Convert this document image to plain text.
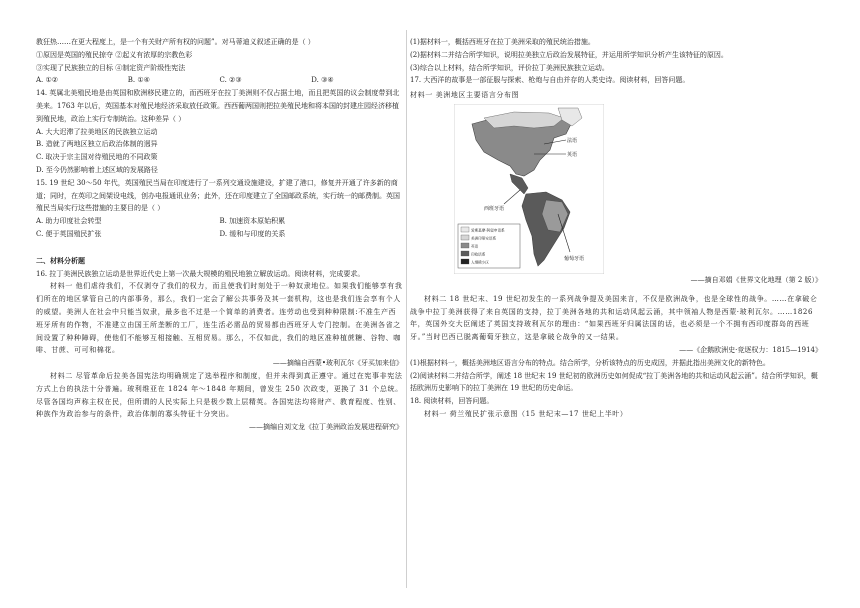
教狂热……在更大程度上，是一个有关财产所有权的问题”。对马蒂迪义叙述正确的是（ ）

①原因是英国的殖民掠夺 ②起义有浓厚的宗教色彩

③实现了民族独立的目标 ④制定资产阶级性宪法

A. ①②	B. ①④	C. ②③	D. ③④

14. 英属北美殖民地是由英国和欧洲移民建立的，而西班牙在拉丁美洲则不仅占据土地，而且把英国的议会制度带到北美来。1763 年以后，英国基本对殖民地经济采取放任政策。西西葡两国则把拉美殖民地和将本国的封建庄园经济移植到殖民地，政治上实行专制统治。这种差异（ ）

A. 大大迟滞了拉美地区的民族独立运动

B. 造就了两地区独立后政治体制的迥异

C. 取决于宗主国对待殖民地的不同政策

D. 至今仍然影响着上述区域的发展路径

15. 19 世纪 30～50 年代，英国殖民当局在印度进行了一系列交通设施建设，扩建了港口，修复并开通了许多新的商道；同时，在英印之间架设电线，创办电报通讯业务；此外，还在印度建立了全国邮政系统，实行统一的邮费制。英国殖民当局实行这些措施的主要目的是（ ）

A. 助力印度社会转型	B. 加速资本原始积累
C. 便于英国殖民扩张	D. 缓和与印度的关系

二、材料分析题

16. 拉丁美洲民族独立运动是世界近代史上第一次最大规模的殖民地独立解放运动。阅读材料，完成要求。

材料一 他们虐待我们，不仅剥夺了我们的权力，而且使我们时刻处于一种奴隶地位。如果我们能够享有我们所在的地区掌管自己的内部事务，那么，我们一定会了解公共事务及其一套机构，这也是我们连会享有个人的威望。美洲人在社会中只能当奴隶，最多也不过是一个简单的消费者。连劳动也受到种种限制:不准生产西班牙所有的作物，不准建立由国王所垄断的工厂，连生活必需品的贸易都由西班牙人专门控制。在美洲各省之间设置了种种障碍，使他们不能够互相接触、互相贸易。那么，不仅如此，我们的地区准种植蔗糖、谷物、咖啡、甘蔗、可可和棉花。

——摘编自西蒙•玻利瓦尔《牙买加来信》

材料二 尽管革命后拉美各国宪法均明确规定了选举程序和制度，但并未得到真正遵守。通过在宪事非宪法方式上台的执法十分普遍。玻利维亚在 1824 年～1848 年期间，曾发生 250 次政变，更换了 31 个总统。尽管各国均声称主权在民，但所谓的人民实际上只是极少数上层精英。各国宪法均将财产、教育程度、性别、种族作为政治参与的条件，政治体制的寡头特征十分突出。

——摘编自刘文龙《拉丁美洲政治发展进程研究》

(1)据材料一，概括西班牙在拉丁美洲采取的殖民统治措施。

(2)据材料二并结合所学知识，说明拉美独立后政治发展特征，并运用所学知识分析产生该特征的原因。

(3)综合以上材料，结合所学知识，评价拉丁美洲民族独立运动。

17. 大西洋的故事是一部征服与探索、枪炮与自由并存的人类史诗。阅读材料，回答问题。

材料一 美洲地区主要语言分布图

法语
英语
西班牙语
葡萄牙语
爱斯基摩-阿留申语系
美洲印第安语系
英语
印欧语系
人烟稀少区

——摘自邓娟《世界文化地理（第 2 版）》

材料二 18 世纪末、19 世纪初发生的一系列战争提及美国来言，不仅是欧洲战争，也是全球性的战争。……在拿破仑战争中拉丁美洲获得了来自英国的支持，拉丁美洲各地的共和运动风起云涌，其中领袖人物是西蒙·玻利瓦尔。……1826 年，英国外交大臣阐述了英国支持玻利瓦尔的理由：“如果西班牙归属法国的话，也必须是一个不拥有西印度群岛的西班牙。”当时巴西已脱离葡萄牙独立，这是拿破仑战争的又一结果。

——《企鹅欧洲史·竞逐权力：1815—1914》

(1)根据材料一，概括美洲地区语言分布的特点。结合所学，分析该特点的历史成因，并据此指出美洲文化的新特色。

(2)阅读材料二并结合所学，阐述 18 世纪末 19 世纪初的欧洲历史如何促成“拉丁美洲各地的共和运动风起云涌”。结合所学知识，概括欧洲历史影响下的拉丁美洲在 19 世纪的历史命运。

18. 阅读材料，回答问题。

材料一 荷兰殖民扩张示意图（15 世纪末—17 世纪上半叶）
